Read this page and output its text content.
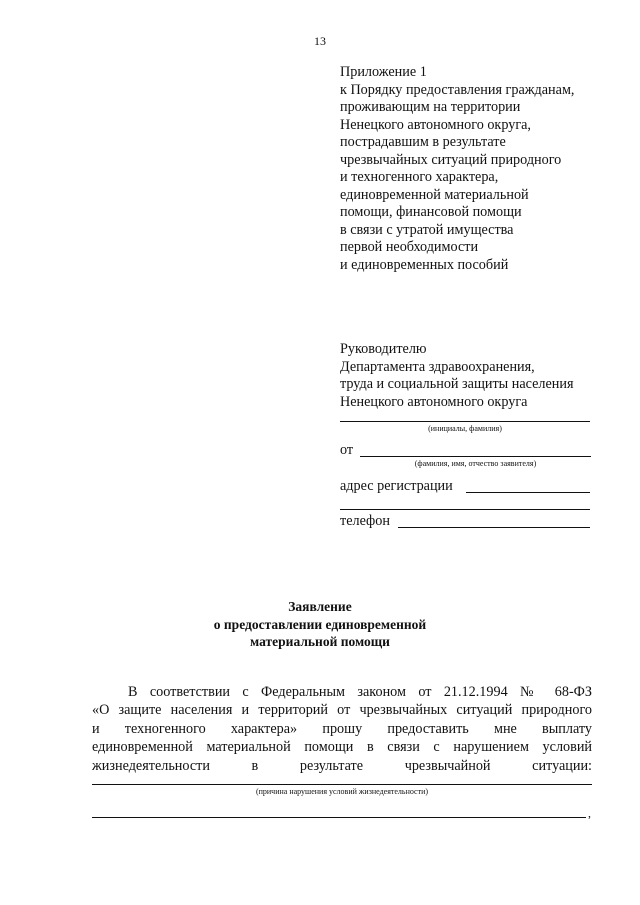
13
Приложение 1
к Порядку предоставления гражданам,
проживающим на территории
Ненецкого автономного округа,
пострадавшим в результате
чрезвычайных ситуаций природного
и техногенного характера,
единовременной материальной
помощи, финансовой помощи
в связи с утратой имущества
первой необходимости
и единовременных пособий
Руководителю
Департамента здравоохранения,
труда и социальной защиты населения
Ненецкого автономного округа
(инициалы, фамилия)
от
(фамилия, имя, отчество заявителя)
адрес регистрации
телефон
Заявление
о предоставлении единовременной
материальной помощи
В соответствии с Федеральным законом от 21.12.1994 № 68-ФЗ
«О защите населения и территорий от чрезвычайных ситуаций природного
и техногенного характера» прошу предоставить мне выплату
единовременной материальной помощи в связи с нарушением условий
жизнедеятельности в результате чрезвычайной ситуации:
(причина нарушения условий жизнедеятельности)
,
